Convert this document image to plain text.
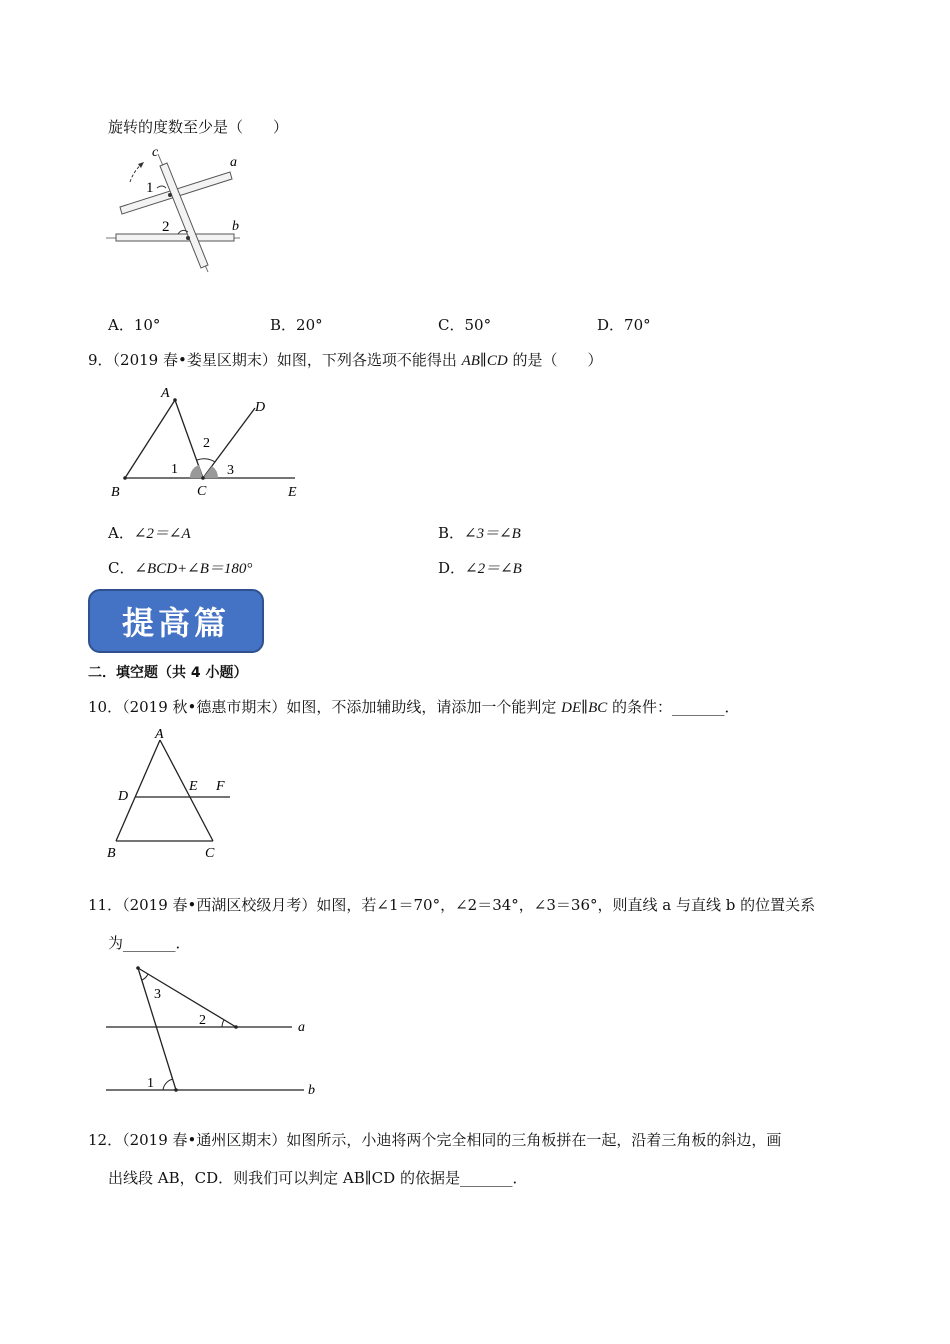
旋转的度数至少是（　　）
c
a
1
2	b
A．10°	B．20°	C．50°	D．70°
9．（2019 春•娄星区期末）如图，下列各选项不能得出 AB∥CD 的是（　　）
A
B	C
D
E
1
2
3
A．∠2＝∠A	B．∠3＝∠B
C．∠BCD+∠B＝180°	D．∠2＝∠B
提高篇
二．填空题（共 4 小题）
10．（2019 秋•德惠市期末）如图，不添加辅助线，请添加一个能判定 DE∥BC 的条件：_______．
A
D
E F
B	C
11．（2019 春•西湖区校级月考）如图，若∠1＝70°，∠2＝34°，∠3＝36°，则直线 a 与直线 b 的位置关系
为_______．
3
2
1
a
b
12．（2019 春•通州区期末）如图所示，小迪将两个完全相同的三角板拼在一起，沿着三角板的斜边，画
出线段 AB，CD．则我们可以判定 AB∥CD 的依据是_______．
